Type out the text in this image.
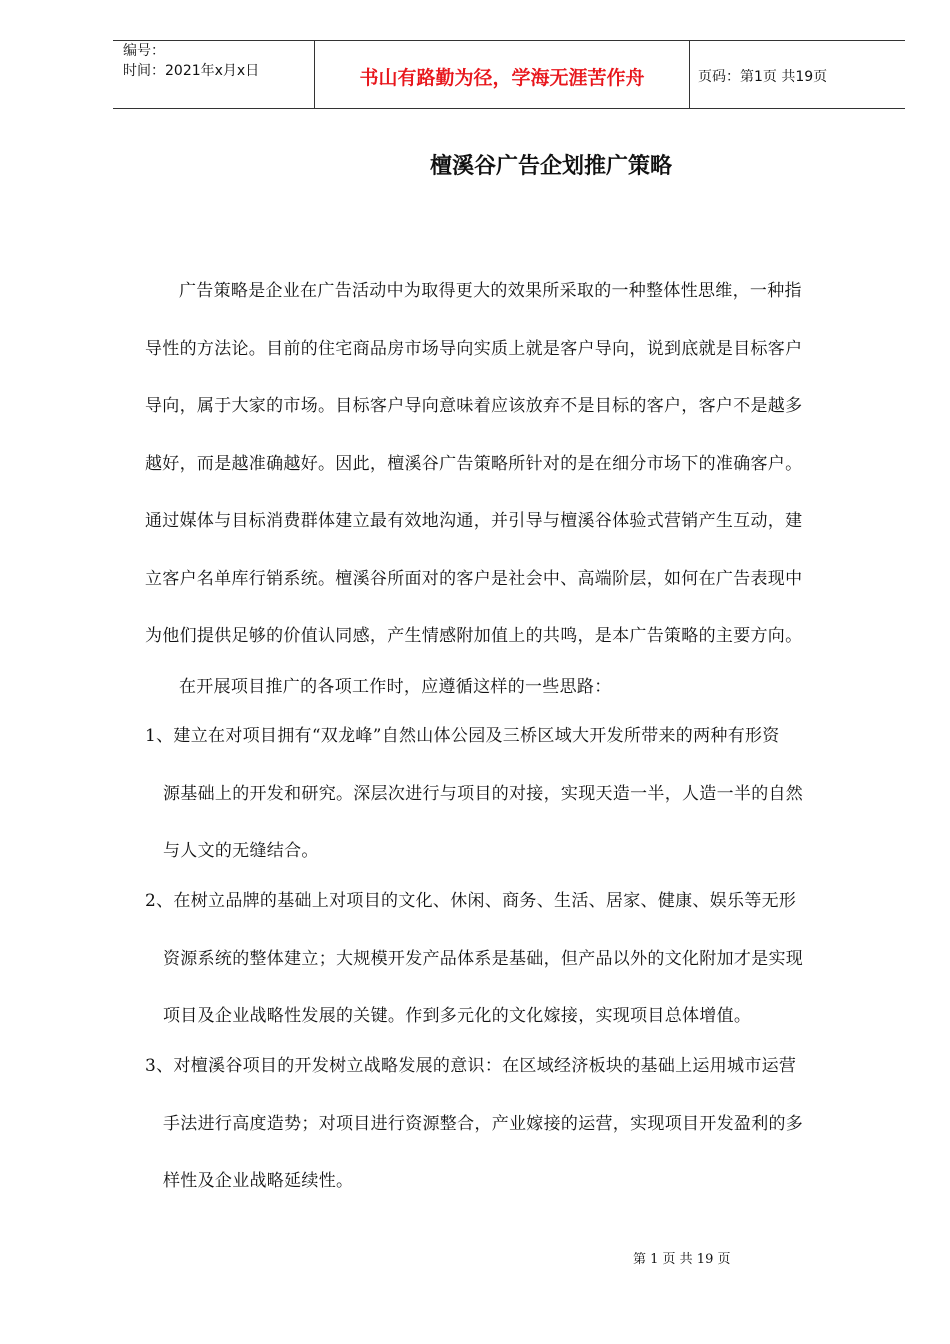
编号：
时间：2021年x月x日	书山有路勤为径，学海无涯苦作舟	页码：第1页 共19页
檀溪谷广告企划推广策略
广告策略是企业在广告活动中为取得更大的效果所采取的一种整体性思维，一种指
导性的方法论。目前的住宅商品房市场导向实质上就是客户导向，说到底就是目标客户
导向，属于大家的市场。目标客户导向意味着应该放弃不是目标的客户，客户不是越多
越好，而是越准确越好。因此，檀溪谷广告策略所针对的是在细分市场下的准确客户。
通过媒体与目标消费群体建立最有效地沟通，并引导与檀溪谷体验式营销产生互动，建
立客户名单库行销系统。檀溪谷所面对的客户是社会中、高端阶层，如何在广告表现中
为他们提供足够的价值认同感，产生情感附加值上的共鸣，是本广告策略的主要方向。
在开展项目推广的各项工作时，应遵循这样的一些思路：
1、建立在对项目拥有“双龙峰”自然山体公园及三桥区域大开发所带来的两种有形资
源基础上的开发和研究。深层次进行与项目的对接，实现天造一半，人造一半的自然
与人文的无缝结合。
2、在树立品牌的基础上对项目的文化、休闲、商务、生活、居家、健康、娱乐等无形
资源系统的整体建立；大规模开发产品体系是基础，但产品以外的文化附加才是实现
项目及企业战略性发展的关键。作到多元化的文化嫁接，实现项目总体增值。
3、对檀溪谷项目的开发树立战略发展的意识：在区域经济板块的基础上运用城市运营
手法进行高度造势；对项目进行资源整合，产业嫁接的运营，实现项目开发盈利的多
样性及企业战略延续性。
第 1 页 共 19 页
